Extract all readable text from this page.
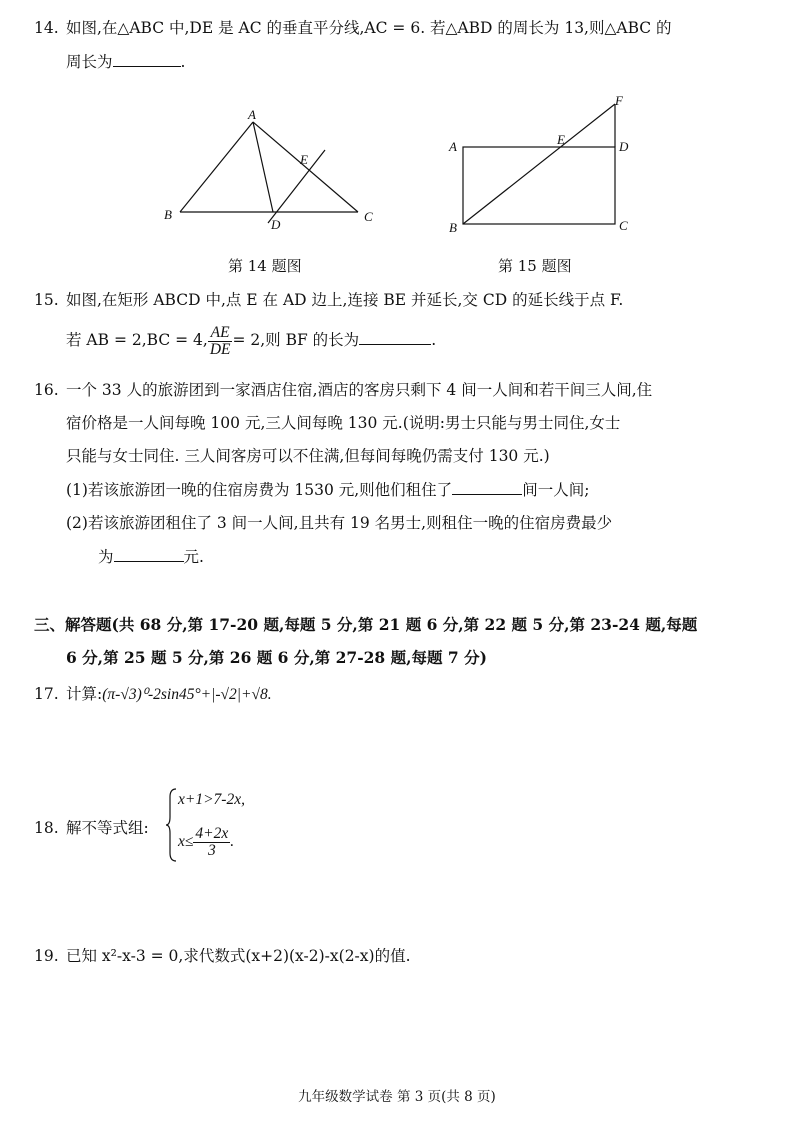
14. 如图,在△ABC 中,DE 是 AC 的垂直平分线,AC = 6. 若△ABD 的周长为 13,则△ABC 的
周长为	.
A
B	C
D
E
A
B	C
D
E
F
第 14 题图	第 15 题图
15. 如图,在矩形 ABCD 中,点 E 在 AD 边上,连接 BE 并延长,交 CD 的延长线于点 F.
若 AB = 2,BC = 4, $\frac{AE}{DE} = 2$,则 BF 的长为	.
16. 一个 33 人的旅游团到一家酒店住宿,酒店的客房只剩下 4 间一人间和若干间三人间,住
宿价格是一人间每晚 100 元,三人间每晚 130 元.(说明:男士只能与男士同住,女士
只能与女士同住. 三人间客房可以不住满,但每间每晚仍需支付 130 元.)
(1)若该旅游团一晚的住宿房费为 1530 元,则他们租住了	间一人间;
(2)若该旅游团租住了 3 间一人间,且共有 19 名男士,则租住一晚的住宿房费最少
为	元.
三、解答题(共 68 分,第 17-20 题,每题 5 分,第 21 题 6 分,第 22 题 5 分,第 23-24 题,每题
6 分,第 25 题 5 分,第 26 题 6 分,第 27-28 题,每题 7 分)
17. 计算:(π-√3)⁰-2sin45°+|-√2|+√8.
18. 解不等式组:
x+1>7-2x,
$x\le \frac{4+2x}{3}$ .
19. 已知 x²-x-3 = 0,求代数式(x+2)(x-2)-x(2-x)的值.
九年级数学试卷 第 3 页(共 8 页)
